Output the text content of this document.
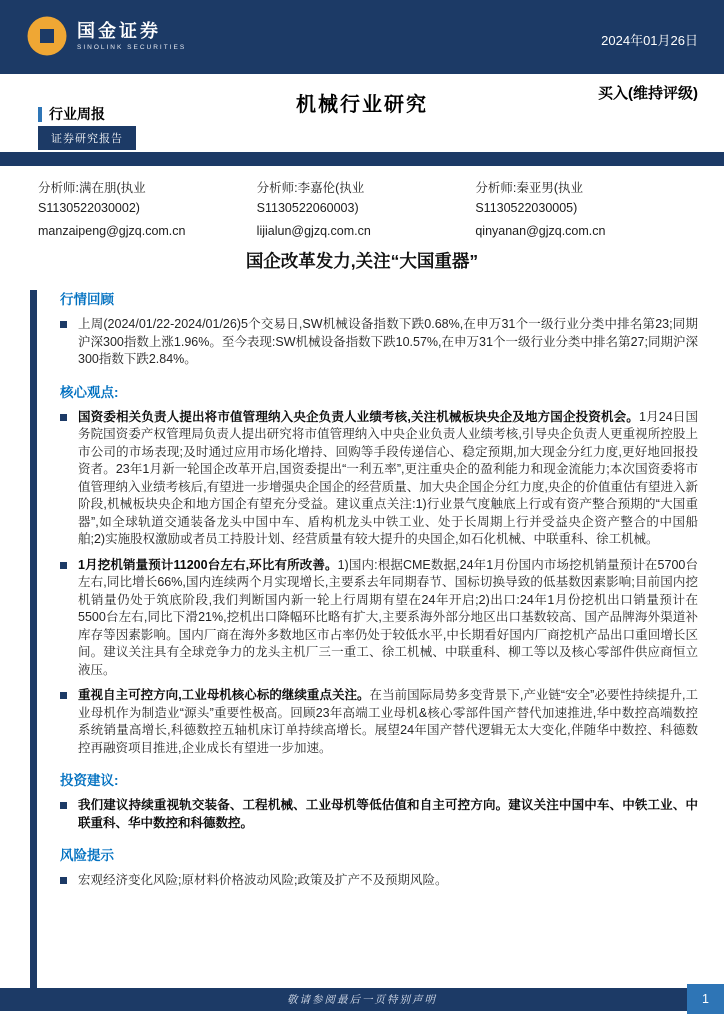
国金证券
SINOLINK SECURITIES	2024年01月26日
买入(维持评级)
机械行业研究
行业周报
证券研究报告
分析师:满在朋(执业
S1130522030002)
manzaipeng@gjzq.com.cn
分析师:李嘉伦(执业
S1130522060003)
lijialun@gjzq.com.cn
分析师:秦亚男(执业
S1130522030005)
qinyanan@gjzq.com.cn
国企改革发力,关注“大国重器”
行情回顾
上周(2024/01/22-2024/01/26)5个交易日,SW机械设备指数下跌0.68%,在申万31个一级行业分类中排名第23;同期沪深300指数上涨1.96%。至今表现:SW机械设备指数下跌10.57%,在申万31个一级行业分类中排名第27;同期沪深300指数下跌2.84%。
核心观点:
国资委相关负责人提出将市值管理纳入央企负责人业绩考核,关注机械板块央企及地方国企投资机会。1月24日国务院国资委产权管理局负责人提出研究将市值管理纳入中央企业负责人业绩考核,引导央企负责人更重视所控股上市公司的市场表现;及时通过应用市场化增持、回购等手段传递信心、稳定预期,加大现金分红力度,更好地回报投资者。23年1月新一轮国企改革开启,国资委提出“一利五率”,更注重央企的盈利能力和现金流能力;本次国资委将市值管理纳入业绩考核后,有望进一步增强央企国企的经营质量、加大央企国企分红力度,央企的价值重估有望进入新阶段,机械板块央企和地方国企有望充分受益。建议重点关注:1)行业景气度触底上行或有资产整合预期的“大国重器”,如全球轨道交通装备龙头中国中车、盾构机龙头中铁工业、处于长周期上行并受益央企资产整合的中国船舶;2)实施股权激励或者员工持股计划、经营质量有较大提升的央国企,如石化机械、中联重科、徐工机械。
1月挖机销量预计11200台左右,环比有所改善。1)国内:根据CME数据,24年1月份国内市场挖机销量预计在5700台左右,同比增长66%,国内连续两个月实现增长,主要系去年同期春节、国标切换导致的低基数因素影响;目前国内挖机销量仍处于筑底阶段,我们判断国内新一轮上行周期有望在24年开启;2)出口:24年1月份挖机出口销量预计在5500台左右,同比下滑21%,挖机出口降幅环比略有扩大,主要系海外部分地区出口基数较高、国产品牌海外渠道补库存等因素影响。国内厂商在海外多数地区市占率仍处于较低水平,中长期看好国内厂商挖机产品出口重回增长区间。建议关注具有全球竞争力的龙头主机厂三一重工、徐工机械、中联重科、柳工等以及核心零部件供应商恒立液压。
重视自主可控方向,工业母机核心标的继续重点关注。在当前国际局势多变背景下,产业链“安全”必要性持续提升,工业母机作为制造业“源头”重要性极高。回顾23年高端工业母机&核心零部件国产替代加速推进,华中数控高端数控系统销量高增长,科德数控五轴机床订单持续高增长。展望24年国产替代逻辑无太大变化,伴随华中数控、科德数控再融资项目推进,企业成长有望进一步加速。
投资建议:
我们建议持续重视轨交装备、工程机械、工业母机等低估值和自主可控方向。建议关注中国中车、中铁工业、中联重科、华中数控和科德数控。
风险提示
宏观经济变化风险;原材料价格波动风险;政策及扩产不及预期风险。
敬请参阅最后一页特别声明	1
